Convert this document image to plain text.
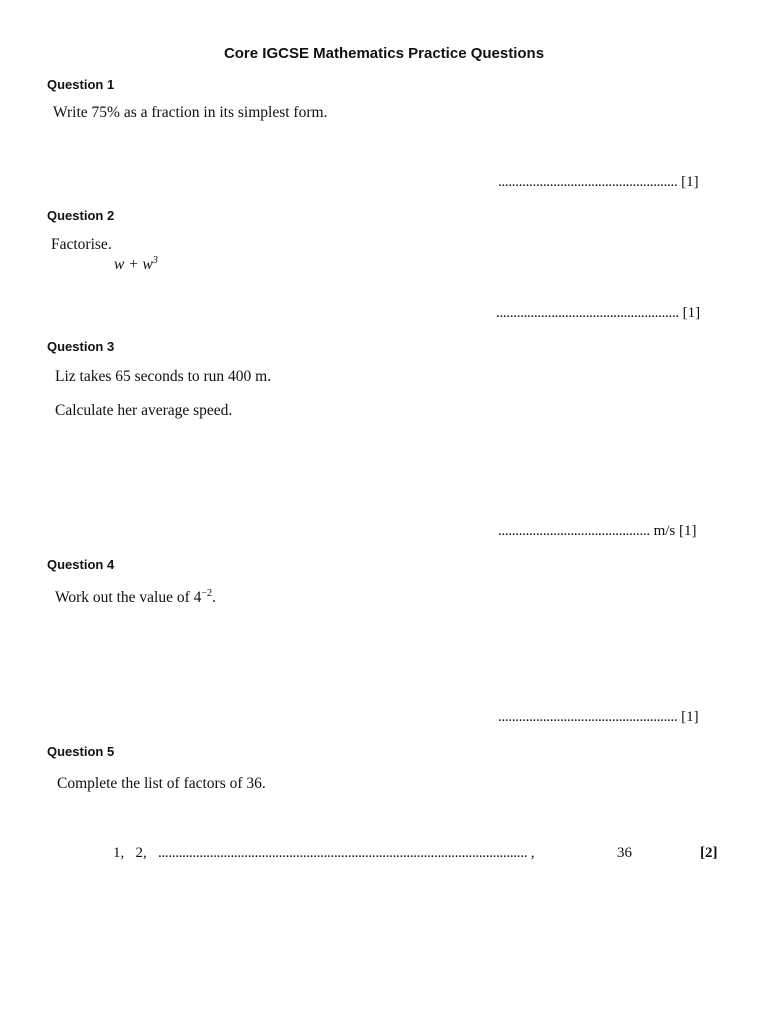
Core IGCSE Mathematics Practice Questions
Question 1
Write 75% as a fraction in its simplest form.
.................................................... [1]
Question 2
Factorise.
$w + w^3$
..................................................... [1]
Question 3
Liz takes 65 seconds to run 400 m.
Calculate her average speed.
............................................ m/s [1]
Question 4
Work out the value of $4^{-2}$.
.................................................... [1]
Question 5
Complete the list of factors of 36.
1,   2, ........................................................................................................... ,	36	[2]
